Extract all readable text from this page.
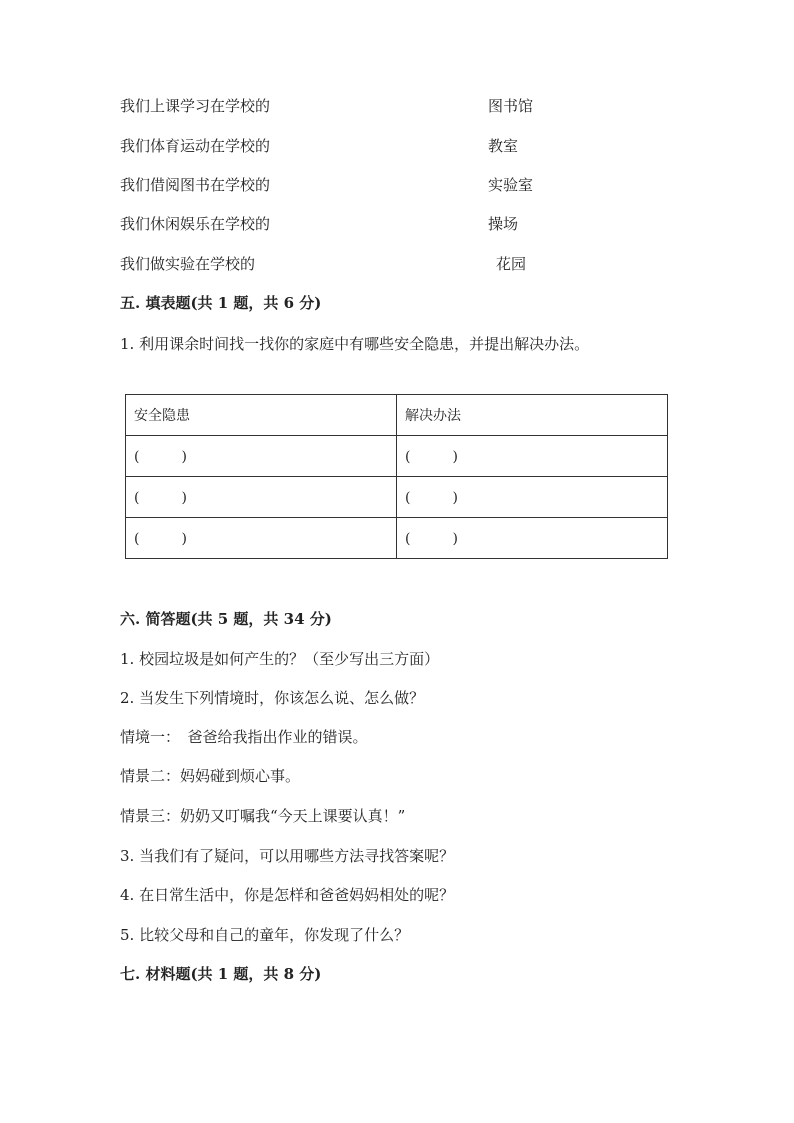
我们上课学习在学校的	图书馆
我们体育运动在学校的	教室
我们借阅图书在学校的	实验室
我们休闲娱乐在学校的	操场
我们做实验在学校的	花园
五. 填表题(共 1 题，共 6 分)
1. 利用课余时间找一找你的家庭中有哪些安全隐患，并提出解决办法。
安全隐患	解决办法
(　　　)	(　　　)
(　　　)	(　　　)
(　　　)	(　　　)
六. 简答题(共 5 题，共 34 分)
1. 校园垃圾是如何产生的？（至少写出三方面）
2. 当发生下列情境时，你该怎么说、怎么做？
情境一：　爸爸给我指出作业的错误。
情景二：妈妈碰到烦心事。
情景三：奶奶又叮嘱我“今天上课要认真！”
3. 当我们有了疑问，可以用哪些方法寻找答案呢？
4. 在日常生活中，你是怎样和爸爸妈妈相处的呢？
5. 比较父母和自己的童年，你发现了什么？
七. 材料题(共 1 题，共 8 分)
